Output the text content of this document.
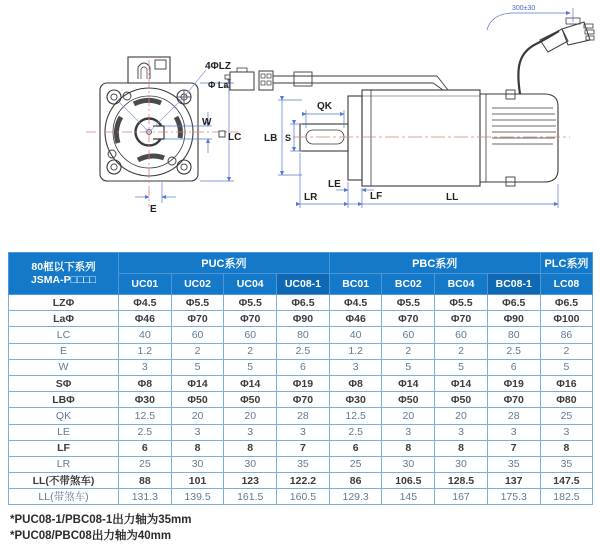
W
LC
E
4ΦLZ
Φ La
300±30
LB S
QK
LE
LR	LF	LL
80框以下系列
JSMA-P□□□□	PUC系列				PBC系列				PLC系列
	UC01	UC02	UC04	UC08-1	BC01	BC02	BC04	BC08-1	LC08
LZΦ	Φ4.5	Φ5.5	Φ5.5	Φ6.5	Φ4.5	Φ5.5	Φ5.5	Φ6.5	Φ6.5
LaΦ	Φ46	Φ70	Φ70	Φ90	Φ46	Φ70	Φ70	Φ90	Φ100
LC	40	60	60	80	40	60	60	80	86
E	1.2	2	2	2.5	1.2	2	2	2.5	2
W	3	5	5	6	3	5	5	6	5
SΦ	Φ8	Φ14	Φ14	Φ19	Φ8	Φ14	Φ14	Φ19	Φ16
LBΦ	Φ30	Φ50	Φ50	Φ70	Φ30	Φ50	Φ50	Φ70	Φ80
QK	12.5	20	20	28	12.5	20	20	28	25
LE	2.5	3	3	3	2.5	3	3	3	3
LF	6	8	8	7	6	8	8	7	8
LR	25	30	30	35	25	30	30	35	35
LL(不带煞车)	88	101	123	122.2	86	106.5	128.5	137	147.5
LL(带煞车)	131.3	139.5	161.5	160.5	129.3	145	167	175.3	182.5
*PUC08-1/PBC08-1出力轴为35mm
*PUC08/PBC08出力轴为40mm
